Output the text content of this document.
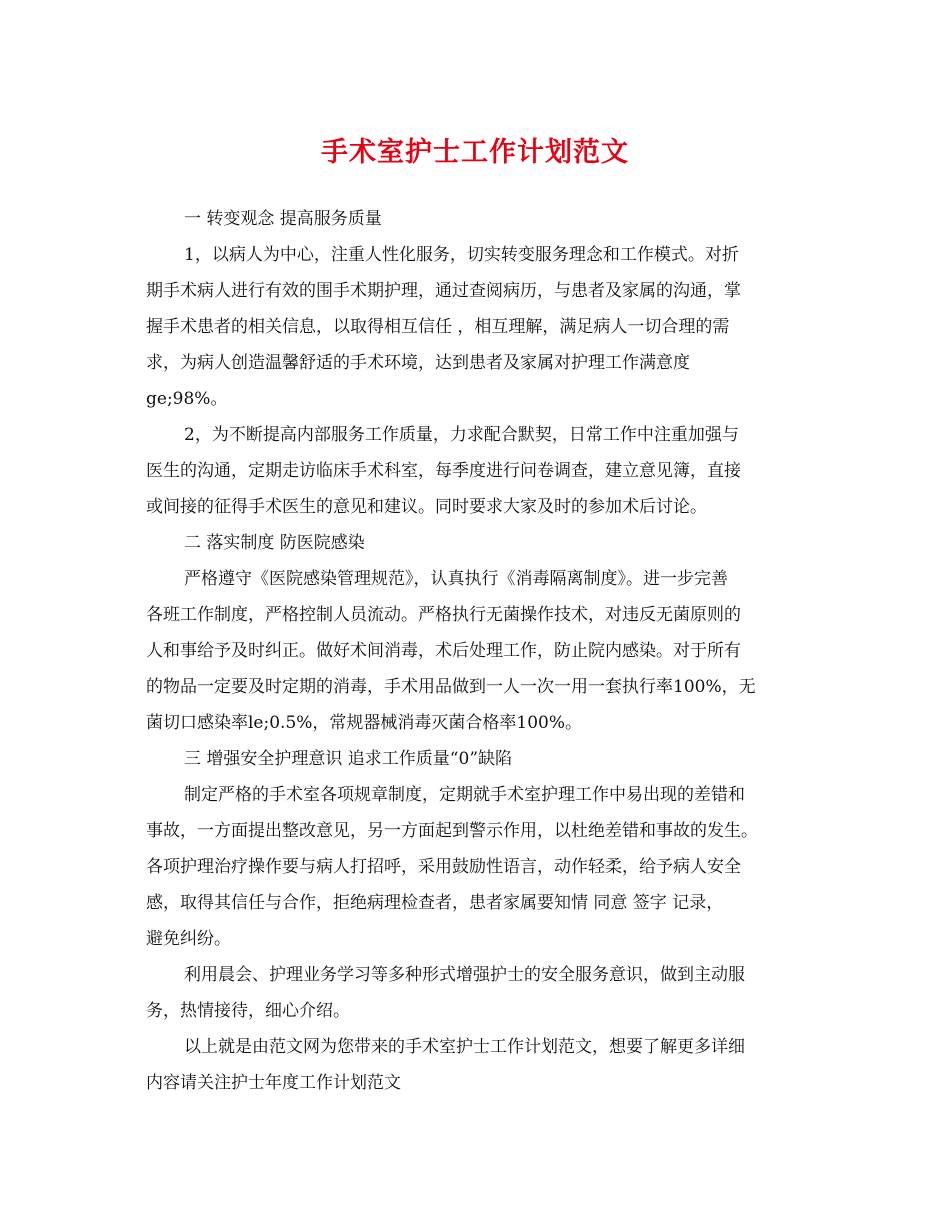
手术室护士工作计划范文

一 转变观念 提高服务质量

1，以病人为中心，注重人性化服务，切实转变服务理念和工作模式。对折

期手术病人进行有效的围手术期护理，通过查阅病历，与患者及家属的沟通，掌

握手术患者的相关信息，以取得相互信任 ，相互理解，满足病人一切合理的需

求，为病人创造温馨舒适的手术环境，达到患者及家属对护理工作满意度

ge;98%。

2，为不断提高内部服务工作质量，力求配合默契，日常工作中注重加强与

医生的沟通，定期走访临床手术科室，每季度进行问卷调查，建立意见簿，直接

或间接的征得手术医生的意见和建议。同时要求大家及时的参加术后讨论。

二 落实制度 防医院感染

严格遵守《医院感染管理规范》，认真执行《消毒隔离制度》。进一步完善

各班工作制度，严格控制人员流动。严格执行无菌操作技术，对违反无菌原则的

人和事给予及时纠正。做好术间消毒，术后处理工作，防止院内感染。对于所有

的物品一定要及时定期的消毒，手术用品做到一人一次一用一套执行率100%，无

菌切口感染率le;0.5%，常规器械消毒灭菌合格率100%。

三 增强安全护理意识 追求工作质量“0”缺陷

制定严格的手术室各项规章制度，定期就手术室护理工作中易出现的差错和

事故，一方面提出整改意见，另一方面起到警示作用，以杜绝差错和事故的发生。

各项护理治疗操作要与病人打招呼，采用鼓励性语言，动作轻柔，给予病人安全

感，取得其信任与合作，拒绝病理检查者，患者家属要知情 同意 签字 记录，

避免纠纷。

利用晨会、护理业务学习等多种形式增强护士的安全服务意识，做到主动服

务，热情接待，细心介绍。

以上就是由范文网为您带来的手术室护士工作计划范文，想要了解更多详细

内容请关注护士年度工作计划范文
